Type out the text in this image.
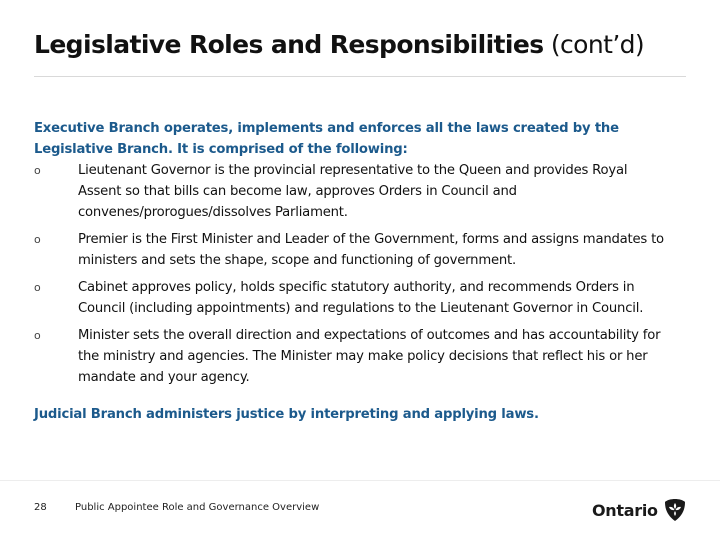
Legislative Roles and Responsibilities (cont’d)

Executive Branch operates, implements and enforces all the laws created by the Legislative Branch. It is comprised of the following:

o	Lieutenant Governor is the provincial representative to the Queen and provides Royal Assent so that bills can become law, approves Orders in Council and convenes/prorogues/dissolves Parliament.
o	Premier is the First Minister and Leader of the Government, forms and assigns mandates to ministers and sets the shape, scope and functioning of government.
o	Cabinet approves policy, holds specific statutory authority, and recommends Orders in Council (including appointments) and regulations to the Lieutenant Governor in Council.
o	Minister sets the overall direction and expectations of outcomes and has accountability for the ministry and agencies. The Minister may make policy decisions that reflect his or her mandate and your agency.

Judicial Branch administers justice by interpreting and applying laws.

28	Public Appointee Role and Governance Overview	Ontario
